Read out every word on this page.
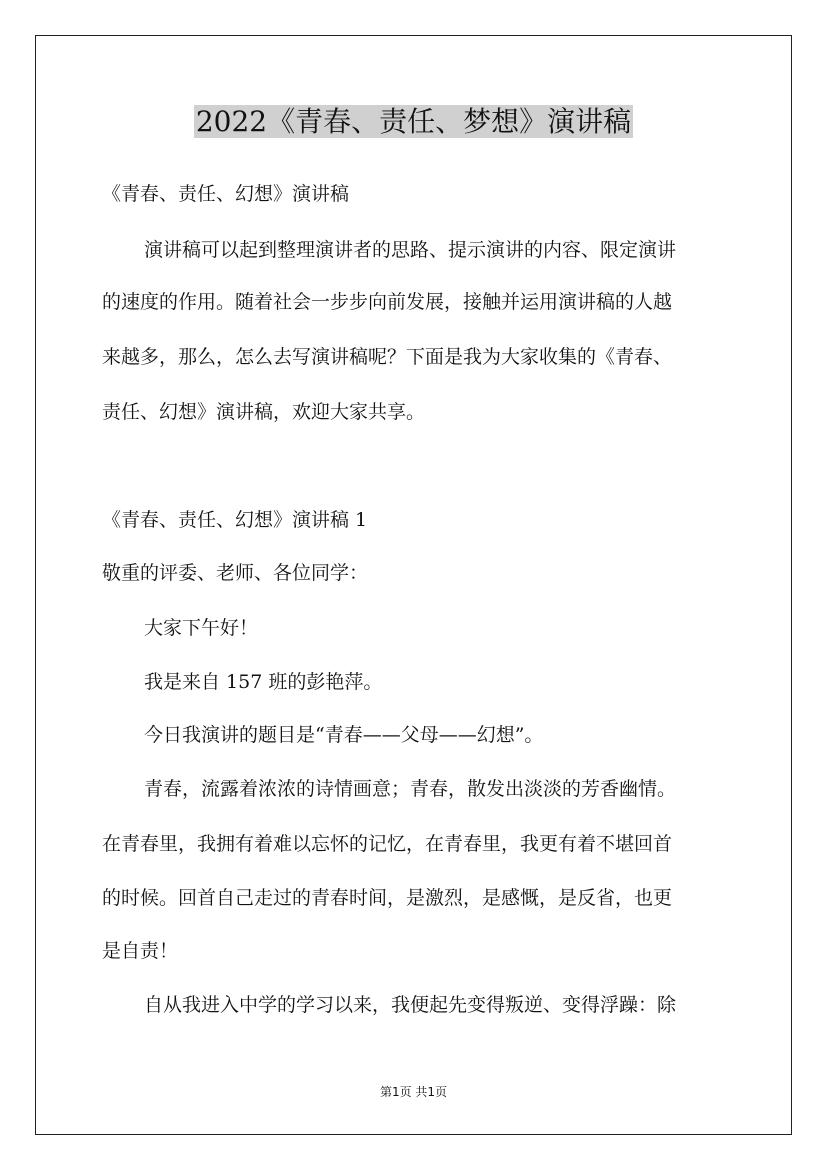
2022《青春、责任、梦想》演讲稿
《青春、责任、幻想》演讲稿
演讲稿可以起到整理演讲者的思路、提示演讲的内容、限定演讲
的速度的作用。随着社会一步步向前发展，接触并运用演讲稿的人越
来越多，那么，怎么去写演讲稿呢？下面是我为大家收集的《青春、
责任、幻想》演讲稿，欢迎大家共享。
《青春、责任、幻想》演讲稿 1
敬重的评委、老师、各位同学：
大家下午好！
我是来自 157 班的彭艳萍。
今日我演讲的题目是“青春——父母——幻想”。
青春，流露着浓浓的诗情画意；青春，散发出淡淡的芳香幽情。
在青春里，我拥有着难以忘怀的记忆，在青春里，我更有着不堪回首
的时候。回首自己走过的青春时间，是激烈，是感慨，是反省，也更
是自责！
自从我进入中学的学习以来，我便起先变得叛逆、变得浮躁：除
第1页 共1页
